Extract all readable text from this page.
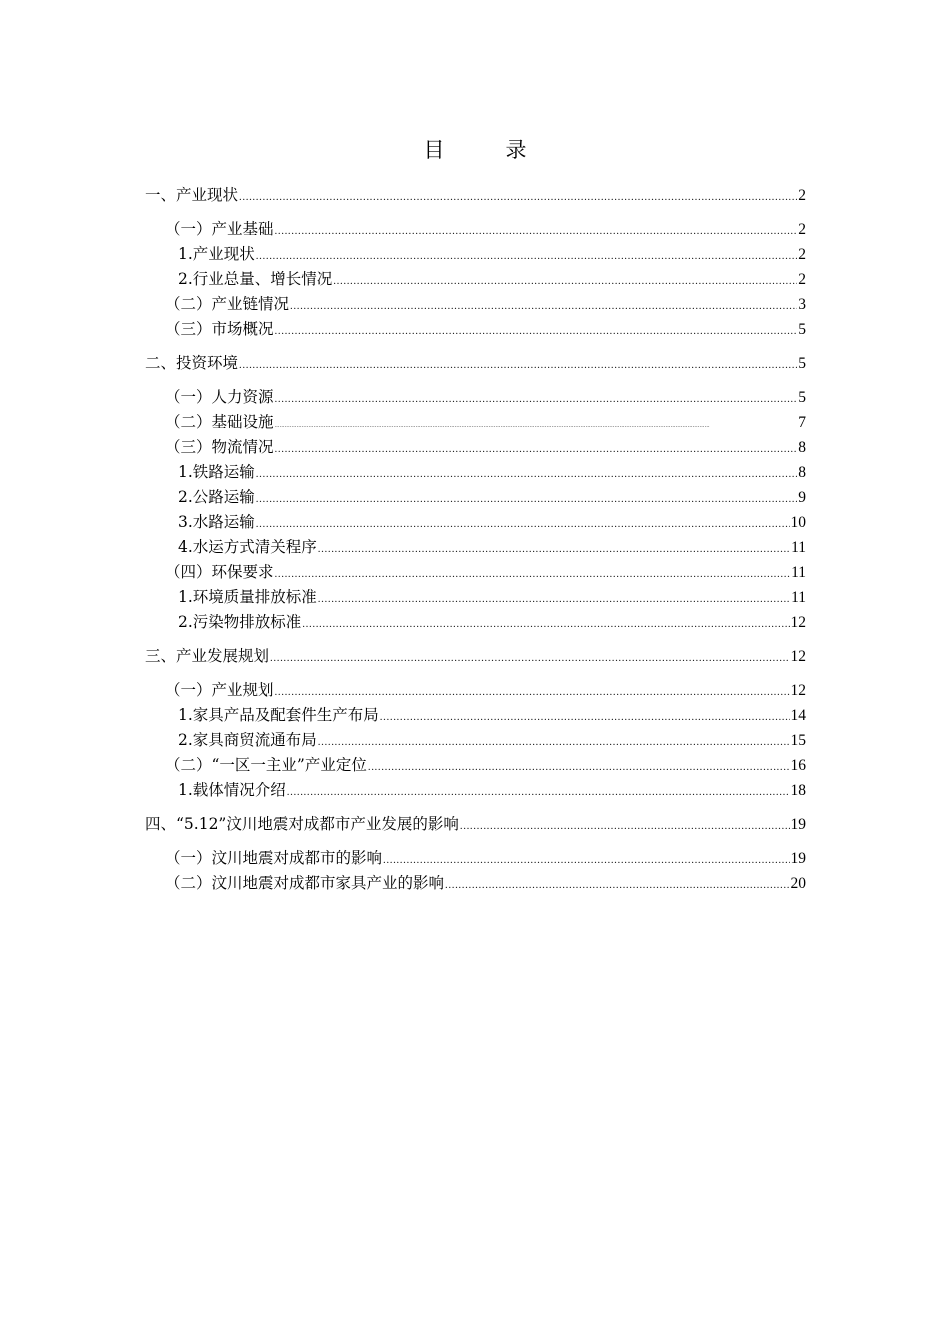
目　录
一、产业现状 .....	2
（一）产业基础 .....	2
1.产业现状 .....	2
2.行业总量、增长情况 .....	2
（二）产业链情况 .....	3
（三）市场概况 .....	5
二、投资环境 .....	5
（一）人力资源 .....	5
（二）基础设施 .....	7
（三）物流情况 .....	8
1.铁路运输 .....	8
2.公路运输 .....	9
3.水路运输 .....	10
4.水运方式清关程序 .....	11
（四）环保要求 .....	11
1.环境质量排放标准 .....	11
2.污染物排放标准 .....	12
三、产业发展规划 .....	12
（一）产业规划 .....	12
1.家具产品及配套件生产布局 .....	14
2.家具商贸流通布局 .....	15
（二）“一区一主业”产业定位 .....	16
1.载体情况介绍 .....	18
四、“5.12”汶川地震对成都市产业发展的影响 .....	19
（一）汶川地震对成都市的影响 .....	19
（二）汶川地震对成都市家具产业的影响 .....	20
